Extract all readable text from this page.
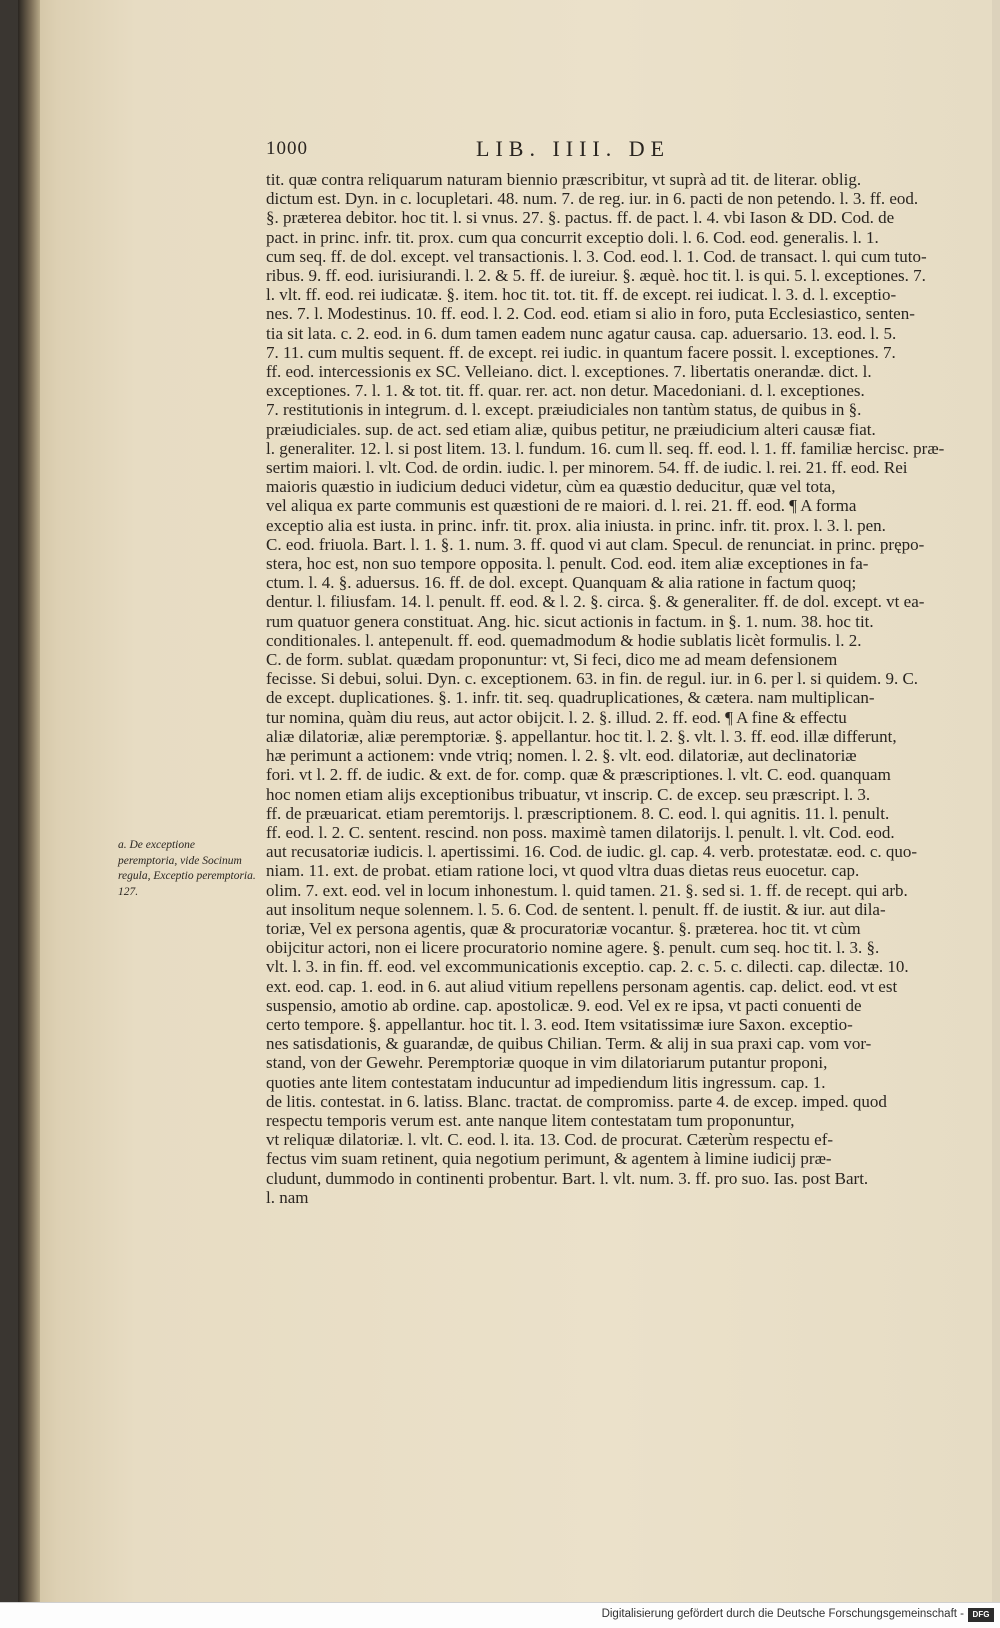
1000	LIB. IIII. DE
a. De exceptione peremptoria, vide Socinum regula, Exceptio peremptoria. 127.

tit. quæ contra reliquarum naturam biennio præscribitur, vt suprà ad tit. de literar. oblig.

dictum est. Dyn. in c. locupletari. 48. num. 7. de reg. iur. in 6. pacti de non petendo. l. 3. ff. eod.

§. præterea debitor. hoc tit. l. si vnus. 27. §. pactus. ff. de pact. l. 4. vbi Iason & DD. Cod. de

pact. in princ. infr. tit. prox. cum qua concurrit exceptio doli. l. 6. Cod. eod. generalis. l. 1.

cum seq. ff. de dol. except. vel transactionis. l. 3. Cod. eod. l. 1. Cod. de transact. l. qui cum tuto-

ribus. 9. ff. eod. iurisiurandi. l. 2. & 5. ff. de iureiur. §. æquè. hoc tit. l. is qui. 5. l. exceptiones. 7.

l. vlt. ff. eod. rei iudicatæ. §. item. hoc tit. tot. tit. ff. de except. rei iudicat. l. 3. d. l. exceptio-

nes. 7. l. Modestinus. 10. ff. eod. l. 2. Cod. eod. etiam si alio in foro, puta Ecclesiastico, senten-

tia sit lata. c. 2. eod. in 6. dum tamen eadem nunc agatur causa. cap. aduersario. 13. eod. l. 5.

7. 11. cum multis sequent. ff. de except. rei iudic. in quantum facere possit. l. exceptiones. 7.

ff. eod. intercessionis ex SC. Velleiano. dict. l. exceptiones. 7. libertatis onerandæ. dict. l.

exceptiones. 7. l. 1. & tot. tit. ff. quar. rer. act. non detur. Macedoniani. d. l. exceptiones.

7. restitutionis in integrum. d. l. except. præiudiciales non tantùm status, de quibus in §.

præiudiciales. sup. de act. sed etiam aliæ, quibus petitur, ne præiudicium alteri causæ fiat.

l. generaliter. 12. l. si post litem. 13. l. fundum. 16. cum ll. seq. ff. eod. l. 1. ff. familiæ hercisc. præ-

sertim maiori. l. vlt. Cod. de ordin. iudic. l. per minorem. 54. ff. de iudic. l. rei. 21. ff. eod. Rei

maioris quæstio in iudicium deduci videtur, cùm ea quæstio deducitur, quæ vel tota,

vel aliqua ex parte communis est quæstioni de re maiori. d. l. rei. 21. ff. eod. ¶ A forma

exceptio alia est iusta. in princ. infr. tit. prox. alia iniusta. in princ. infr. tit. prox. l. 3. l. pen.

C. eod. friuola. Bart. l. 1. §. 1. num. 3. ff. quod vi aut clam. Specul. de renunciat. in princ. prępo-

stera, hoc est, non suo tempore opposita. l. penult. Cod. eod. item aliæ exceptiones in fa-

ctum. l. 4. §. aduersus. 16. ff. de dol. except. Quanquam & alia ratione in factum quoq;

dentur. l. filiusfam. 14. l. penult. ff. eod. & l. 2. §. circa. §. & generaliter. ff. de dol. except. vt ea-

rum quatuor genera constituat. Ang. hic. sicut actionis in factum. in §. 1. num. 38. hoc tit.

conditionales. l. antepenult. ff. eod. quemadmodum & hodie sublatis licèt formulis. l. 2.

C. de form. sublat. quædam proponuntur: vt, Si feci, dico me ad meam defensionem

fecisse. Si debui, solui. Dyn. c. exceptionem. 63. in fin. de regul. iur. in 6. per l. si quidem. 9. C.

de except. duplicationes. §. 1. infr. tit. seq. quadruplicationes, & cætera. nam multiplican-

tur nomina, quàm diu reus, aut actor obijcit. l. 2. §. illud. 2. ff. eod. ¶ A fine & effectu

aliæ dilatoriæ, aliæ peremptoriæ. §. appellantur. hoc tit. l. 2. §. vlt. l. 3. ff. eod. illæ differunt,

hæ perimunt a actionem: vnde vtriq; nomen. l. 2. §. vlt. eod. dilatoriæ, aut declinatoriæ

fori. vt l. 2. ff. de iudic. & ext. de for. comp. quæ & præscriptiones. l. vlt. C. eod. quanquam

hoc nomen etiam alijs exceptionibus tribuatur, vt inscrip. C. de excep. seu præscript. l. 3.

ff. de præuaricat. etiam peremtorijs. l. præscriptionem. 8. C. eod. l. qui agnitis. 11. l. penult.

ff. eod. l. 2. C. sentent. rescind. non poss. maximè tamen dilatorijs. l. penult. l. vlt. Cod. eod.

aut recusatoriæ iudicis. l. apertissimi. 16. Cod. de iudic. gl. cap. 4. verb. protestatæ. eod. c. quo-

niam. 11. ext. de probat. etiam ratione loci, vt quod vltra duas dietas reus euocetur. cap.

olim. 7. ext. eod. vel in locum inhonestum. l. quid tamen. 21. §. sed si. 1. ff. de recept. qui arb.

aut insolitum neque solennem. l. 5. 6. Cod. de sentent. l. penult. ff. de iustit. & iur. aut dila-

toriæ, Vel ex persona agentis, quæ & procuratoriæ vocantur. §. præterea. hoc tit. vt cùm

obijcitur actori, non ei licere procuratorio nomine agere. §. penult. cum seq. hoc tit. l. 3. §.

vlt. l. 3. in fin. ff. eod. vel excommunicationis exceptio. cap. 2. c. 5. c. dilecti. cap. dilectæ. 10.

ext. eod. cap. 1. eod. in 6. aut aliud vitium repellens personam agentis. cap. delict. eod. vt est

suspensio, amotio ab ordine. cap. apostolicæ. 9. eod. Vel ex re ipsa, vt pacti conuenti de

certo tempore. §. appellantur. hoc tit. l. 3. eod. Item vsitatissimæ iure Saxon. exceptio-

nes satisdationis, & guarandæ, de quibus Chilian. Term. & alij in sua praxi cap. vom vor-

stand, von der Gewehr. Peremptoriæ quoque in vim dilatoriarum putantur proponi,

quoties ante litem contestatam inducuntur ad impediendum litis ingressum. cap. 1.

de litis. contestat. in 6. latiss. Blanc. tractat. de compromiss. parte 4. de excep. imped. quod

respectu temporis verum est. ante nanque litem contestatam tum proponuntur,

vt reliquæ dilatoriæ. l. vlt. C. eod. l. ita. 13. Cod. de procurat. Cæterùm respectu ef-

fectus vim suam retinent, quia negotium perimunt, & agentem à limine iudicij præ-

cludunt, dummodo in continenti probentur. Bart. l. vlt. num. 3. ff. pro suo. Ias. post Bart.

l. nam

Digitalisierung gefördert durch die Deutsche Forschungsgemeinschaft -	DFG
